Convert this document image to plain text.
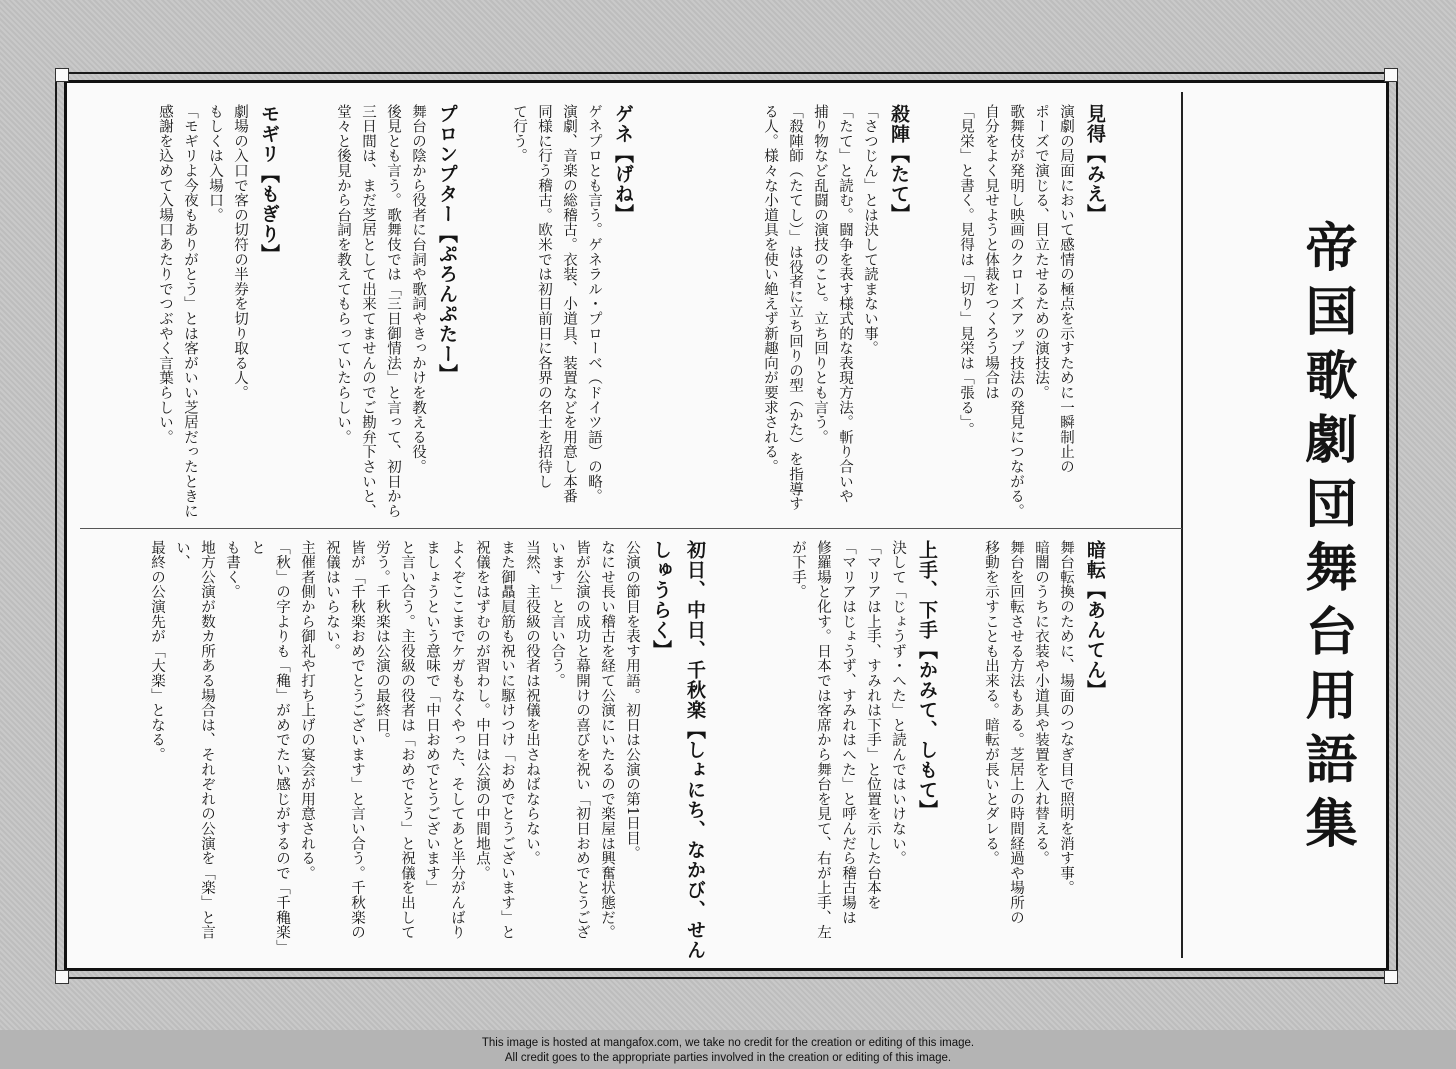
帝国歌劇団舞台用語集
見得【みえ】
演劇の局面において感情の極点を示すために一瞬制止の
ポーズで演じる、目立たせるための演技法。
歌舞伎が発明し映画のクローズアップ技法の発見につながる。
自分をよく見せようと体裁をつくろう場合は
「見栄」と書く。見得は「切り」見栄は「張る」。
殺陣【たて】
「さつじん」とは決して読まない事。
「たて」と読む。闘争を表す様式的な表現方法。斬り合いや
捕り物など乱闘の演技のこと。立ち回りとも言う。
「殺陣師（たてし）」は役者に立ち回りの型（かた）を指導す
る人。様々な小道具を使い絶えず新趣向が要求される。
ゲネ【げね】
ゲネプロとも言う。ゲネラル・プローベ（ドイツ語）の略。
演劇、音楽の総稽古。衣装、小道具、装置などを用意し本番
同様に行う稽古。欧米では初日前日に各界の名士を招待し
て行う。
プロンプター【ぷろんぷたー】
舞台の陰から役者に台詞や歌詞やきっかけを教える役。
後見とも言う。歌舞伎では「三日御情法」と言って、初日から
三日間は、まだ芝居として出来てませんのでご勘弁下さいと、
堂々と後見から台詞を教えてもらっていたらしい。
モギリ【もぎり】
劇場の入口で客の切符の半券を切り取る人。
もしくは入場口。
「モギリよ今夜もありがとう」とは客がいい芝居だったときに
感謝を込めて入場口あたりでつぶやく言葉らしい。
暗転【あんてん】
舞台転換のために、場面のつなぎ目で照明を消す事。
暗闇のうちに衣装や小道具や装置を入れ替える。
舞台を回転させる方法もある。芝居上の時間経過や場所の
移動を示すことも出来る。暗転が長いとダレる。
上手、下手【かみて、しもて】
決して「じょうず・へた」と読んではいけない。
「マリアは上手、すみれは下手」と位置を示した台本を
「マリアはじょうず、すみれはへた」と呼んだら稽古場は
修羅場と化す。日本では客席から舞台を見て、右が上手、左
が下手。
初日、中日、千秋楽【しょにち、なかび、せんしゅうらく】
公演の節目を表す用語。初日は公演の第1日目。
なにせ長い稽古を経て公演にいたるので楽屋は興奮状態だ。
皆が公演の成功と幕開けの喜びを祝い「初日おめでとうござ
います」と言い合う。
当然、主役級の役者は祝儀を出さねばならない。
また御贔屓筋も祝いに駆けつけ「おめでとうございます」と
祝儀をはずむのが習わし。中日は公演の中間地点。
よくぞここまでケガもなくやった、そしてあと半分がんばり
ましょうという意味で「中日おめでとうございます」
と言い合う。主役級の役者は「おめでとう」と祝儀を出して
労う。千秋楽は公演の最終日。
皆が「千秋楽おめでとうございます」と言い合う。千秋楽の
祝儀はいらない。
主催者側から御礼や打ち上げの宴会が用意される。
「秋」の字よりも「穐」がめでたい感じがするので「千穐楽」と
も書く。
地方公演が数カ所ある場合は、それぞれの公演を「楽」と言い、
最終の公演先が「大楽」となる。
This image is hosted at mangafox.com, we take no credit for the creation or editing of this image.
All credit goes to the appropriate parties involved in the creation or editing of this image.
